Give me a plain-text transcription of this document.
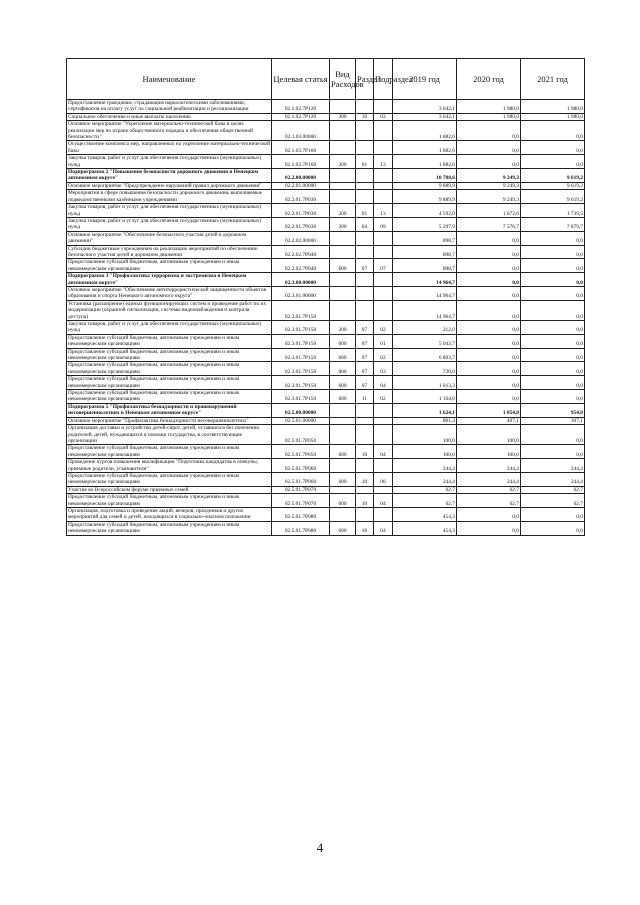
Наименование	Целевая статья	Вид Расходов	Раздел	Подраздел	2019 год	2020 год	2021 год
Предоставление гражданам, страдающим наркологическими заболеваниями, сертификатов на оплату услуг по социальной реабилитации и ресоциализации	02.1.02.7Р120				3 642,1	1 980,0	1 980,0
Социальное обеспечение и иные выплаты населению	02.1.02.7Р120	300	10	02	3 642,1	1 980,0	1 980,0
Основное мероприятие "Укрепление материально-технической базы в целях реализации мер по охране общественного порядка и обеспечения общественной безопасности "	02.1.03.00000				1 882,6	0,0	0,0
Осуществление комплекса мер, направленных на укрепление материально-технической базы	02.1.03.7Р160				1 882,6	0,0	0,0
Закупка товаров, работ и услуг для обеспечения государственных (муниципальных) нужд	02.1.03.7Р160	200	01	13	1 882,6	0,0	0,0
Подпрограмма 2 "Повышение безопасности дорожного движения в Ненецком автономном округе"	02.2.00.00000				10 788,6	9 249,3	9 619,2
Основное мероприятие "Предупреждение нарушений правил дорожного движения"	02.2.01.00000				9 889,9	9 249,3	9 619,2
Мероприятия в сфере повышения безопасности дорожного движения, выполняемые подведомственными казёнными учреждениями	02.2.01.7Р030				9 889,9	9 249,3	9 619,2
Закупка товаров, работ и услуг для обеспечения государственных (муниципальных) нужд	02.2.01.7Р030	200	01	13	4 592,0	1 672,6	1 739,5
Закупка товаров, работ и услуг для обеспечения государственных (муниципальных) нужд	02.2.01.7Р030	200	04	09	5 297,9	7 576,7	7 879,7
Основное мероприятие "Обеспечение безопасного участия детей в дорожном движении"	02.2.02.00000				898,7	0,0	0,0
Субсидии бюджетным учреждениям на реализацию мероприятий по обеспечению безопасного участия детей в дорожном движении	02.2.02.7Р040				898,7	0,0	0,0
Предоставление субсидий бюджетным, автономным учреждениям и иным некоммерческим организациям	02.2.02.7Р040	600	07	07	898,7	0,0	0,0
Подпрограмма 3 "Профилактика терроризма и экстремизма в Ненецком автономном округе"	02.3.00.00000				14 964,7	0,0	0,0
Основное мероприятие "Обеспечение антитеррористической защищенности объектов образования и спорта Ненецкого автономного округа"	02.3.01.00000				14 964,7	0,0	0,0
Установка (расширение) единых функционирующих систем и проведение работ по их модернизации (охранной сигнализации, системы видеонаблюдения и контроля доступа)	02.3.01.7Р150				14 964,7	0,0	0,0
Закупка товаров, работ и услуг для обеспечения государственных (муниципальных) нужд	02.3.01.7Р150	200	07	02	212,0	0,0	0,0
Предоставление субсидий бюджетным, автономным учреждениям и иным некоммерческим организациям	02.3.01.7Р150	600	07	01	5 043,7	0,0	0,0
Предоставление субсидий бюджетным, автономным учреждениям и иным некоммерческим организациям	02.3.01.7Р150	600	07	02	6 803,7	0,0	0,0
Предоставление субсидий бюджетным, автономным учреждениям и иным некоммерческим организациям	02.3.01.7Р150	600	07	03	728,0	0,0	0,0
Предоставление субсидий бюджетным, автономным учреждениям и иным некоммерческим организациям	02.3.01.7Р150	600	07	04	1 013,3	0,0	0,0
Предоставление субсидий бюджетным, автономным учреждениям и иным некоммерческим организациям	02.3.01.7Р150	600	11	02	1 164,0	0,0	0,0
Подпрограмма 5 "Профилактика безнадзорности и правонарушений несовершеннолетних в Ненецком автономном округе"	02.5.00.00000				1 624,1	1 054,8	954,8
Основное мероприятие "Профилактика безнадзорности несовершеннолетних"	02.5.01.00000				861,4	407,1	307,1
Организация доставки и устройство детей-сирот, детей, оставшихся без попечения родителей, детей, нуждающихся в помощи государства, в соответствующие организации	02.5.01.7Р050				100,0	100,0	0,0
Предоставление субсидий бюджетным, автономным учреждениям и иным некоммерческим организациям	02.5.01.7Р050	600	10	04	100,0	100,0	0,0
Проведение курсов повышения квалификации "Подготовка кандидатов в опекуны, приемные родители, усыновители"	02.5.01.7Р060				244,4	244,4	244,4
Предоставление субсидий бюджетным, автономным учреждениям и иным некоммерческим организациям	02.5.01.7Р060	600	10	06	244,4	244,4	244,4
Участие во Всероссийском форуме приемных семей	02.5.01.7Р070				62,7	62,7	62,7
Предоставление субсидий бюджетным, автономным учреждениям и иным некоммерческим организациям	02.5.01.7Р070	600	10	04	62,7	62,7	62,7
Организация, подготовка и проведение акций, вечеров, праздников и других мероприятий для семей и детей, находящихся в социально-опасном положении	02.5.01.7Р080				454,3	0,0	0,0
Предоставление субсидий бюджетным, автономным учреждениям и иным некоммерческим организациям	02.5.01.7Р080	600	10	04	454,3	0,0	0,0
4
